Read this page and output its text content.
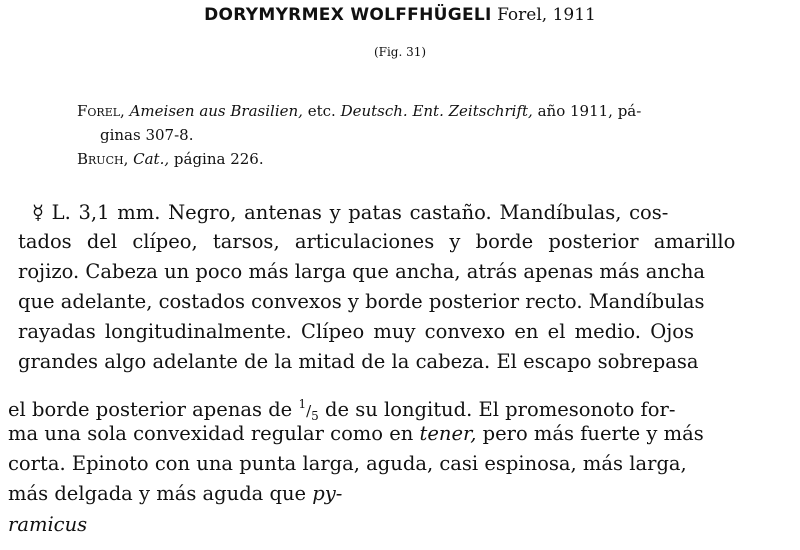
DORYMYRMEX WOLFFHÜGELI Forel, 1911
(Fig. 31)
Forel, Ameisen aus Brasilien, etc. Deutsch. Ent. Zeitschrift, año 1911, pá-
ginas 307-8.
Bruch, Cat., página 226.
☿ L. 3,1 mm. Negro, antenas y patas castaño. Mandíbulas, cos-
tados del clípeo, tarsos, articulaciones y borde posterior amarillo
rojizo. Cabeza un poco más larga que ancha, atrás apenas más ancha
que adelante, costados convexos y borde posterior recto. Mandíbulas
rayadas longitudinalmente. Clípeo muy convexo en el medio. Ojos
grandes algo adelante de la mitad de la cabeza. El escapo sobrepasa
el borde posterior apenas de $^1/_5$ de su longitud. El promesonoto for-
ma una sola convexidad regular como en tener, pero más fuerte y más
corta. Epinoto con una punta larga, aguda, casi espinosa, más larga,
más delgada y más aguda que py-
ramicus
